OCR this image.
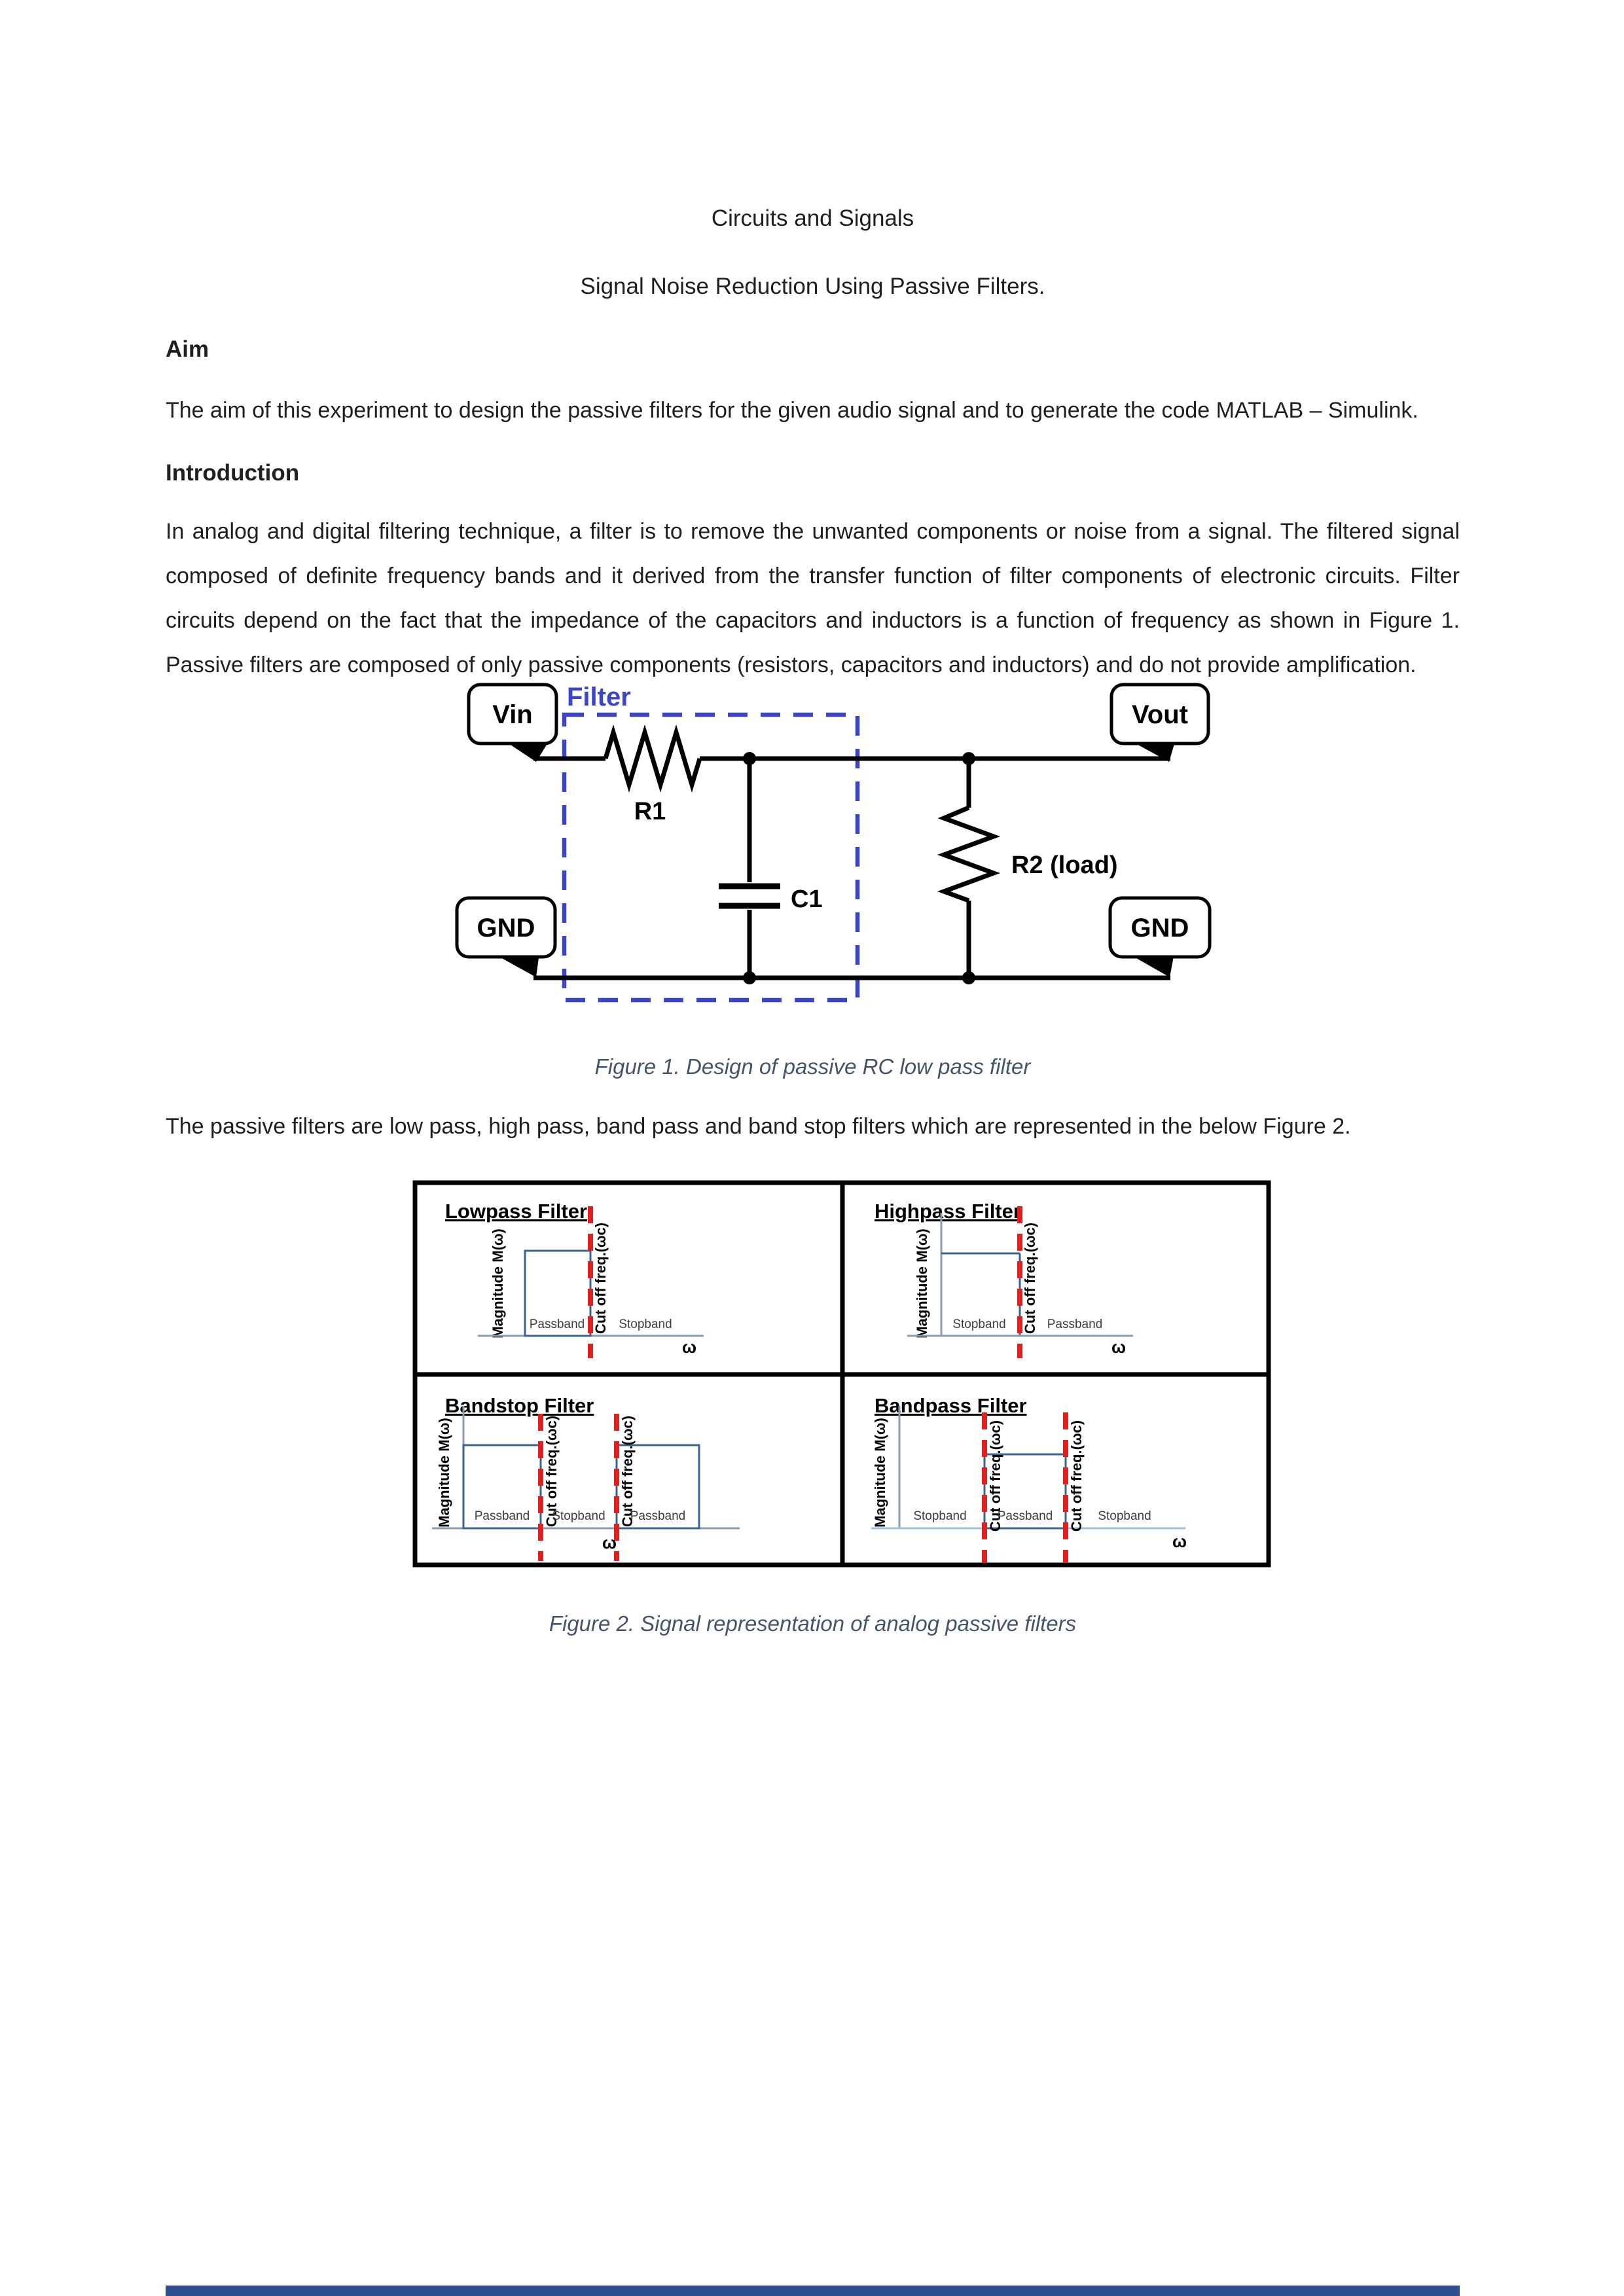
Circuits and Signals
Signal Noise Reduction Using Passive Filters.
Aim

The aim of this experiment to design the passive filters for the given audio signal and to generate the code MATLAB – Simulink.

Introduction

In analog and digital filtering technique, a filter is to remove the unwanted components or noise from a signal. The filtered signal composed of definite frequency bands and it derived from the transfer function of filter components of electronic circuits. Filter circuits depend on the fact that the impedance of the capacitors and inductors is a function of frequency as shown in Figure 1. Passive filters are composed of only passive components (resistors, capacitors and inductors) and do not provide amplification.

Filter
R1
C1
R2 (load)
Vin	Vout
GND	GND
Figure 1. Design of passive RC low pass filter

The passive filters are low pass, high pass, band pass and band stop filters which are represented in the below Figure 2.

Lowpass Filter
Magnitude M(ω)	Cut off freq.(ωc)
Passband	Stopband
ω
Highpass Filter
Magnitude M(ω)	Cut off freq.(ωc)
Stopband	Passband
ω
Bandstop Filter
Magnitude M(ω)	Cut off freq.(ωc)	Cut off freq.(ωc)
Passband Stopband Passband
ω
Bandpass Filter
Magnitude M(ω)	Cut off freq.(ωc)	Cut off freq.(ωc)
Stopband Passband	Stopband
ω
Figure 2. Signal representation of analog passive filters
